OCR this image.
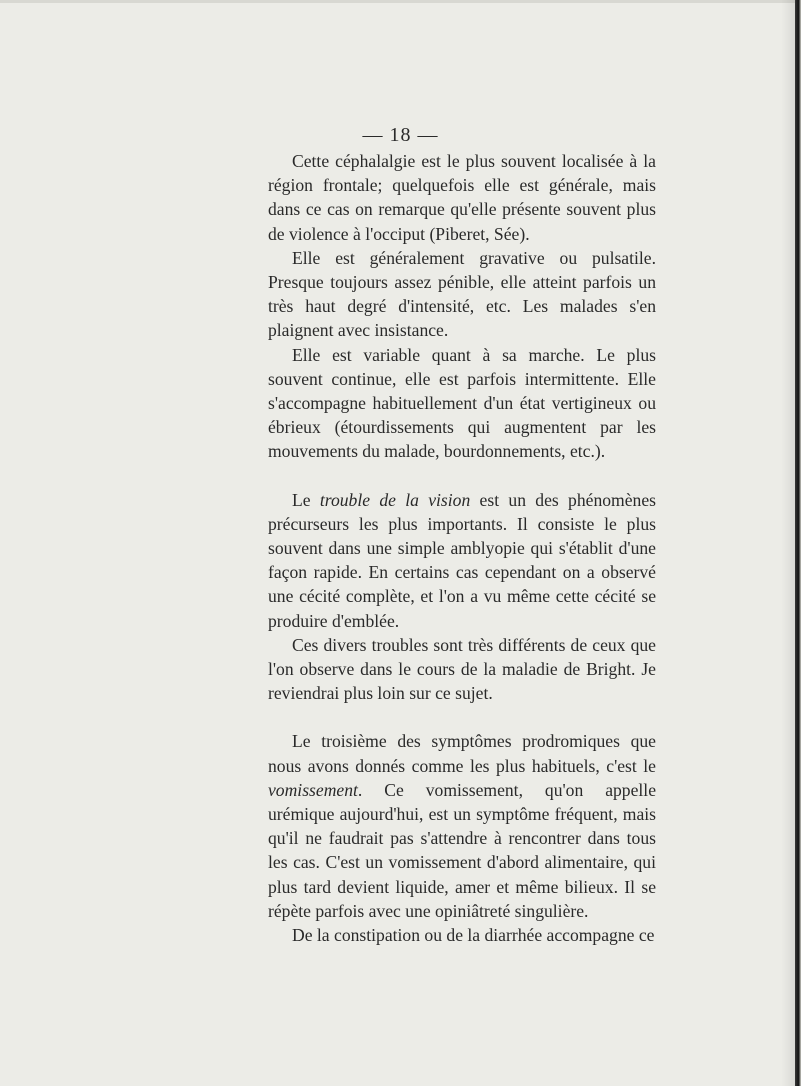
— 18 —

Cette céphalalgie est le plus souvent localisée à la région frontale; quelquefois elle est générale, mais dans ce cas on remarque qu'elle présente souvent plus de violence à l'occiput (Piberet, Sée).

Elle est généralement gravative ou pulsatile. Presque toujours assez pénible, elle atteint parfois un très haut degré d'intensité, etc. Les malades s'en plaignent avec insistance.

Elle est variable quant à sa marche. Le plus souvent continue, elle est parfois intermittente. Elle s'accompagne habituellement d'un état vertigineux ou ébrieux (étourdissements qui augmentent par les mouvements du malade, bourdonnements, etc.).

Le trouble de la vision est un des phénomènes précurseurs les plus importants. Il consiste le plus souvent dans une simple amblyopie qui s'établit d'une façon rapide. En certains cas cependant on a observé une cécité complète, et l'on a vu même cette cécité se produire d'emblée.

Ces divers troubles sont très différents de ceux que l'on observe dans le cours de la maladie de Bright. Je reviendrai plus loin sur ce sujet.

Le troisième des symptômes prodromiques que nous avons donnés comme les plus habituels, c'est le vomissement. Ce vomissement, qu'on appelle urémique aujourd'hui, est un symptôme fréquent, mais qu'il ne faudrait pas s'attendre à rencontrer dans tous les cas. C'est un vomissement d'abord alimentaire, qui plus tard devient liquide, amer et même bilieux. Il se répète parfois avec une opiniâtreté singulière.

De la constipation ou de la diarrhée accompagne ce
